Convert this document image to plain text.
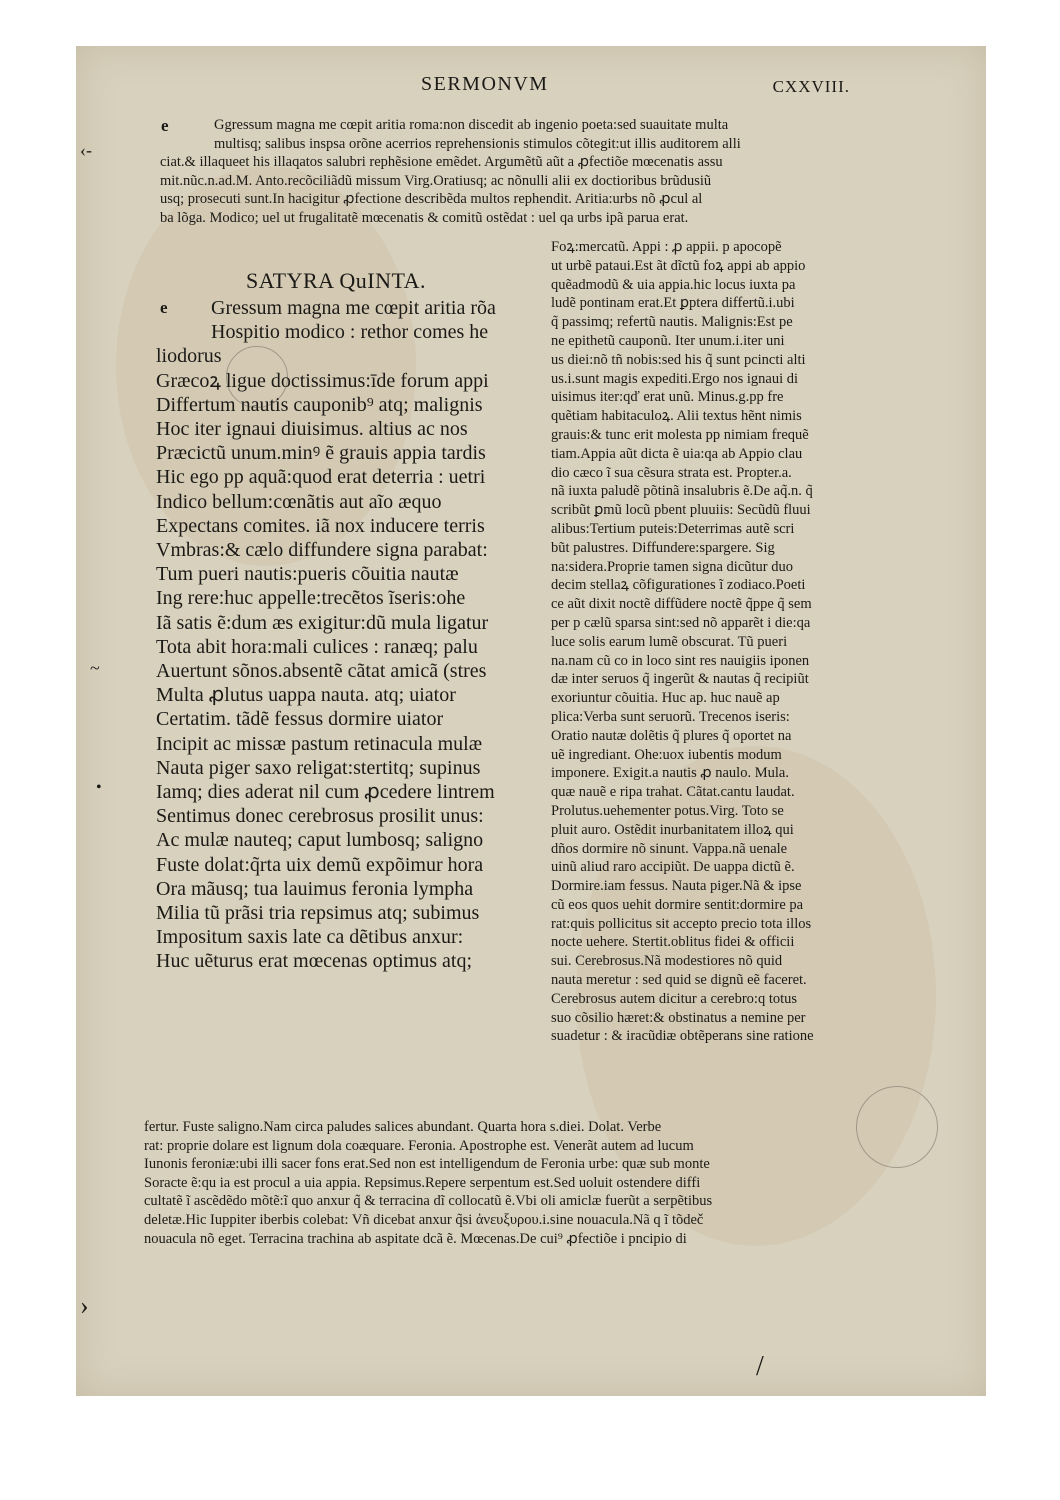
SERMONVM	CXXVIII.
e	Ggressum magna me cœpit aritia roma:non discedit ab ingenio poeta:sed suauitate multa
multisq; salibus inspsa orõne acerrios reprehensionis stimulos cõtegit:ut illis auditorem alli
ciat.& illaqueet his illaqatos salubri rephẽsione emẽdet. Argumẽtũ aũt a ꝓfectiõe mœcenatis assu
mit.nũc.n.ad.M. Anto.recõciliãdũ missum Virg.Oratiusq; ac nõnulli alii ex doctioribus brũdusiũ
usq; prosecuti sunt.In hacigitur ꝓfectione describẽda multos rephendit. Aritia:urbs nõ ꝓcul al
ba lõga. Modico; uel ut frugalitatẽ mœcenatis & comitũ ostẽdat : uel qa urbs ipã parua erat.
SATYRA QuINTA.
e	Gressum magna me cœpit aritia rõa
Hospitio modico : rethor comes he
liodorus
Græcoꝝ ligue doctissimus:īde forum appi
Differtum nautis cauponib⁹ atq; malignis
Hoc iter ignaui diuisimus. altius ac nos
Præcictũ unum.minꝰ ẽ grauis appia tardis
Hic ego pp aquã:quod erat deterria : uetri
Indico bellum:cœnãtis aut aĩo æquo
Expectans comites. iã nox inducere terris
Vmbras:& cælo diffundere signa parabat:
Tum pueri nautis:pueris cõuitia nautæ
Ing rere:huc appelle:trecẽtos ĩseris:ohe
Iã satis ẽ:dum æs exigitur:dũ mula ligatur
Tota abit hora:mali culices : ranæq; palu
Auertunt sõnos.absentẽ cãtat amicã (stres
Multa ꝓlutus uappa nauta. atq; uiator
Certatim. tãdẽ fessus dormire uiator
Incipit ac missæ pastum retinacula mulæ
Nauta piger saxo religat:stertitq; supinus
Iamq; dies aderat nil cum ꝓcedere lintrem
Sentimus donec cerebrosus prosilit unus:
Ac mulæ nauteq; caput lumbosq; saligno
Fuste dolat:q̃rta uix demũ expõimur hora
Ora mãusq; tua lauimus feronia lympha
Milia tũ prãsi tria repsimus atq; subimus
Impositum saxis late ca dẽtibus anxur:
Huc uẽturus erat mœcenas optimus atq;
Foꝝ:mercatũ. Appi : ꝓ appii. p apocopẽ
ut urbẽ pataui.Est ãt dĩctũ foꝝ appi ab appio
quẽadmodũ & uia appia.hic locus iuxta pa
ludẽ pontinam erat.Et ꝑptera differtũ.i.ubi
q̃ passimq; refertũ nautis. Malignis:Est pe
ne epithetũ cauponũ. Iter unum.i.iter uni
us diei:nõ tñ nobis:sed his q̃ sunt pcincti alti
us.i.sunt magis expediti.Ergo nos ignaui di
uisimus iter:qď erat unũ. Minus.g.pp fre
quẽtiam habitaculoꝝ. Alii textus hẽnt nimis
grauis:& tunc erit molesta pp nimiam frequẽ
tiam.Appia aũt dicta ẽ uia:qa ab Appio clau
dio cæco ĩ sua cẽsura strata est. Propter.a.
nã iuxta paludẽ põtinã insalubris ẽ.De aq̃.n. q̃
scribũt ꝑmũ locũ pbent pluuiis: Secũdũ fluui
alibus:Tertium puteis:Deterrimas autẽ scri
bũt palustres. Diffundere:spargere. Sig
na:sidera.Proprie tamen signa dicũtur duo
decim stellaꝝ cõfigurationes ĩ zodiaco.Poeti
ce aũt dixit noctẽ diffũdere noctẽ q̃ppe q̃ sem
per p cælũ sparsa sint:sed nõ apparẽt i die:qa
luce solis earum lumẽ obscurat. Tũ pueri
na.nam cũ co in loco sint res nauigiis iponen
dæ inter seruos q̃ ingerũt & nautas q̃ recipiũt
exoriuntur cõuitia. Huc ap. huc nauẽ ap
plica:Verba sunt seruorũ. Trecenos iseris:
Oratio nautæ dolẽtis q̃ plures q̃ oportet na
uẽ ingrediant. Ohe:uox iubentis modum
imponere. Exigit.a nautis ꝓ naulo. Mula.
quæ nauẽ e ripa trahat. Cãtat.cantu laudat.
Prolutus.uehementer potus.Virg. Toto se
pluit auro. Ostẽdit inurbanitatem illoꝝ qui
dños dormire nõ sinunt. Vappa.nã uenale
uinũ aliud raro accipiũt. De uappa dictũ ẽ.
Dormire.iam fessus. Nauta piger.Nã & ipse
cũ eos quos uehit dormire sentit:dormire pa
rat:quis pollicitus sit accepto precio tota illos
nocte uehere. Stertit.oblitus fidei & officii
sui. Cerebrosus.Nã modestiores nõ quid
nauta meretur : sed quid se dignũ eẽ faceret.
Cerebrosus autem dicitur a cerebro:q totus
suo cõsilio hæret:& obstinatus a nemine per
suadetur : & iracũdiæ obtẽperans sine ratione
fertur. Fuste saligno.Nam circa paludes salices abundant. Quarta hora s.diei. Dolat. Verbe
rat: proprie dolare est lignum dola coæquare. Feronia. Apostrophe est. Venerãt autem ad lucum
Iunonis feroniæ:ubi illi sacer fons erat.Sed non est intelligendum de Feronia urbe: quæ sub monte
Soracte ẽ:qu ia est procul a uia appia. Repsimus.Repere serpentum est.Sed uoluit ostendere diffi
cultatẽ ĩ ascẽdẽdo mõtẽ:ĩ quo anxur q̃ & terracina dĩ collocatũ ẽ.Vbi oli amiclæ fuerũt a serpẽtibus
deletæ.Hic Iuppiter iberbis colebat: Vñ dicebat anxur q̃si ἀνευξυρου.i.sine nouacula.Nã q ĩ tõdeč
nouacula nõ eget. Terracina trachina ab aspitate dcã ẽ. Mœcenas.De cui⁹ ꝓfectiõe i pncipio di
‹-
~
•
›
/
